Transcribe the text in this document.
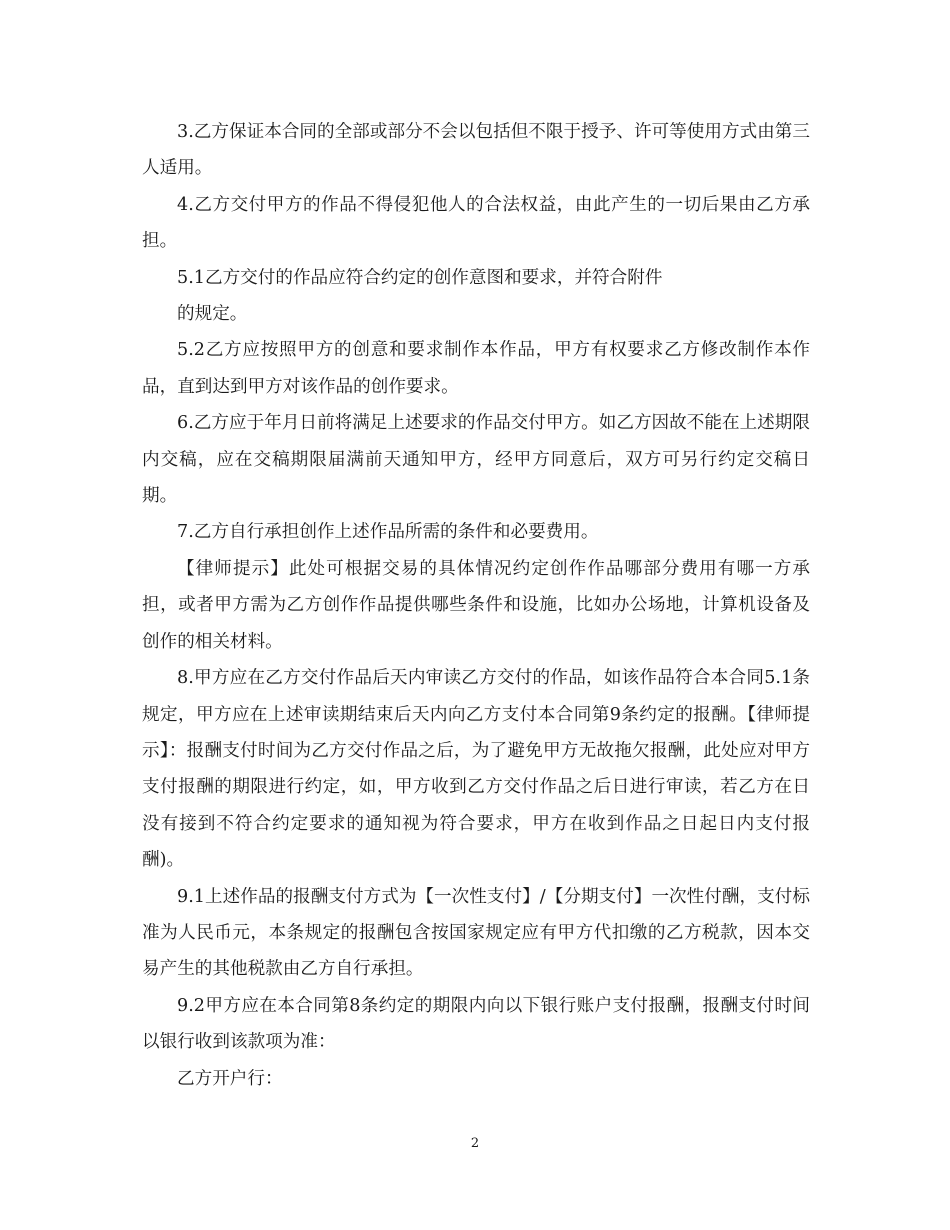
3.乙方保证本合同的全部或部分不会以包括但不限于授予、许可等使用方式由第三人适用。

4.乙方交付甲方的作品不得侵犯他人的合法权益，由此产生的一切后果由乙方承担。

5.1乙方交付的作品应符合约定的创作意图和要求，并符合附件

的规定。

5.2乙方应按照甲方的创意和要求制作本作品，甲方有权要求乙方修改制作本作品，直到达到甲方对该作品的创作要求。

6.乙方应于年月日前将满足上述要求的作品交付甲方。如乙方因故不能在上述期限内交稿，应在交稿期限届满前天通知甲方，经甲方同意后，双方可另行约定交稿日期。

7.乙方自行承担创作上述作品所需的条件和必要费用。

【律师提示】此处可根据交易的具体情况约定创作作品哪部分费用有哪一方承担，或者甲方需为乙方创作作品提供哪些条件和设施，比如办公场地，计算机设备及创作的相关材料。

8.甲方应在乙方交付作品后天内审读乙方交付的作品，如该作品符合本合同5.1条规定，甲方应在上述审读期结束后天内向乙方支付本合同第9条约定的报酬。【律师提示】：报酬支付时间为乙方交付作品之后，为了避免甲方无故拖欠报酬，此处应对甲方支付报酬的期限进行约定，如，甲方收到乙方交付作品之后日进行审读，若乙方在日没有接到不符合约定要求的通知视为符合要求，甲方在收到作品之日起日内支付报酬)。

9.1上述作品的报酬支付方式为【一次性支付】/【分期支付】一次性付酬，支付标准为人民币元，本条规定的报酬包含按国家规定应有甲方代扣缴的乙方税款，因本交易产生的其他税款由乙方自行承担。

9.2甲方应在本合同第8条约定的期限内向以下银行账户支付报酬，报酬支付时间以银行收到该款项为准：

乙方开户行：

2
